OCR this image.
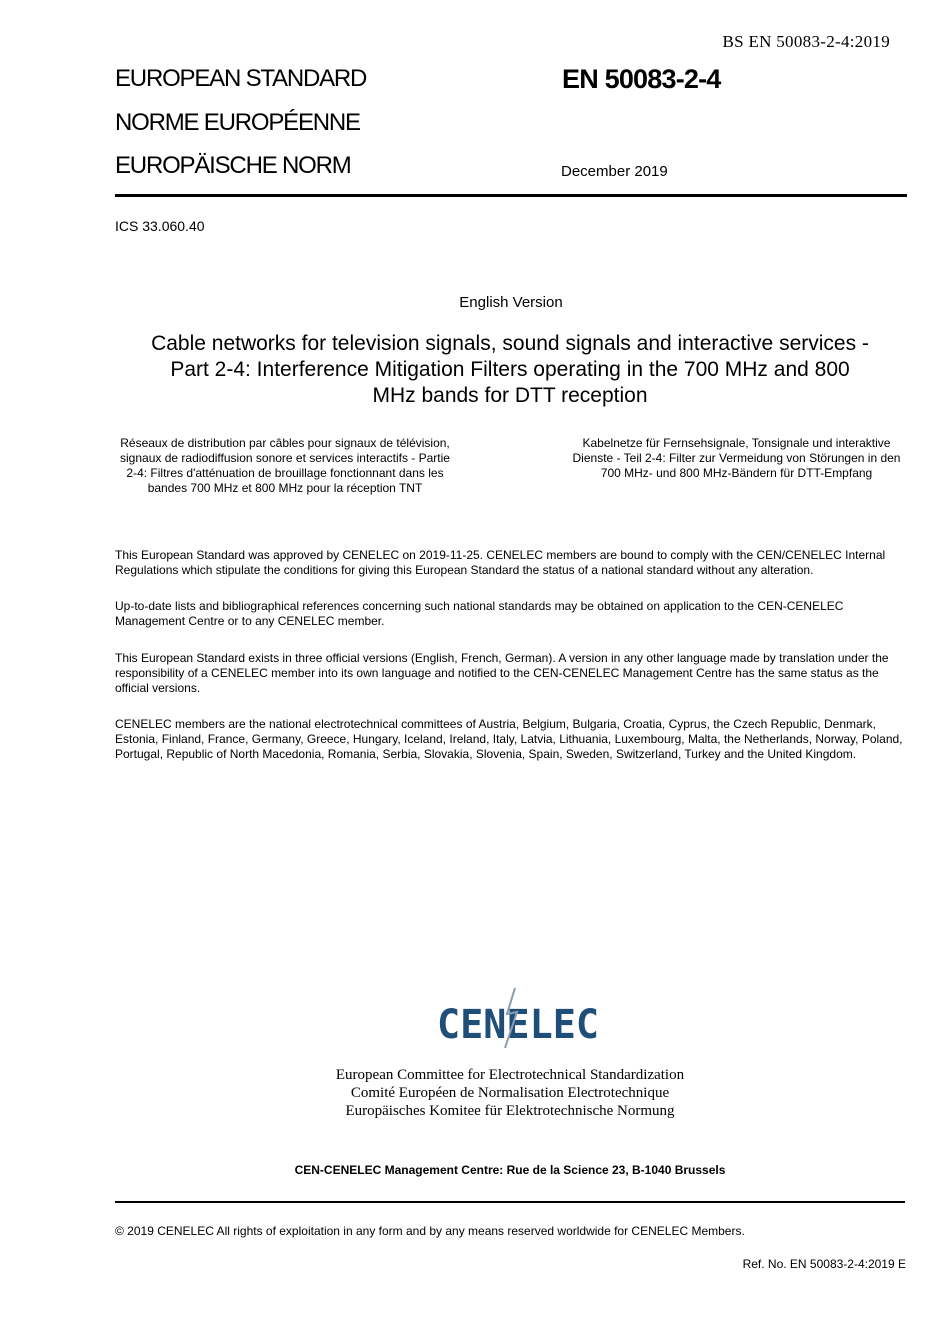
BS EN 50083-2-4:2019
EUROPEAN STANDARD
NORME EUROPÉENNE
EUROPÄISCHE NORM
EN 50083-2-4
December 2019
ICS 33.060.40
English Version
Cable networks for television signals, sound signals and interactive services - Part 2-4: Interference Mitigation Filters operating in the 700 MHz and 800 MHz bands for DTT reception
Réseaux de distribution par câbles pour signaux de télévision, signaux de radiodiffusion sonore et services interactifs - Partie 2-4: Filtres d'atténuation de brouillage fonctionnant dans les bandes 700 MHz et 800 MHz pour la réception TNT
Kabelnetze für Fernsehsignale, Tonsignale und interaktive Dienste - Teil 2-4: Filter zur Vermeidung von Störungen in den 700 MHz- und 800 MHz-Bändern für DTT-Empfang
This European Standard was approved by CENELEC on 2019-11-25. CENELEC members are bound to comply with the CEN/CENELEC Internal Regulations which stipulate the conditions for giving this European Standard the status of a national standard without any alteration.
Up-to-date lists and bibliographical references concerning such national standards may be obtained on application to the CEN-CENELEC Management Centre or to any CENELEC member.
This European Standard exists in three official versions (English, French, German). A version in any other language made by translation under the responsibility of a CENELEC member into its own language and notified to the CEN-CENELEC Management Centre has the same status as the official versions.
CENELEC members are the national electrotechnical committees of Austria, Belgium, Bulgaria, Croatia, Cyprus, the Czech Republic, Denmark, Estonia, Finland, France, Germany, Greece, Hungary, Iceland, Ireland, Italy, Latvia, Lithuania, Luxembourg, Malta, the Netherlands, Norway, Poland, Portugal, Republic of North Macedonia, Romania, Serbia, Slovakia, Slovenia, Spain, Sweden, Switzerland, Turkey and the United Kingdom.
CENELEC
European Committee for Electrotechnical Standardization
Comité Européen de Normalisation Electrotechnique
Europäisches Komitee für Elektrotechnische Normung
CEN-CENELEC Management Centre: Rue de la Science 23, B-1040 Brussels
© 2019 CENELEC All rights of exploitation in any form and by any means reserved worldwide for CENELEC Members.
Ref. No. EN 50083-2-4:2019 E
